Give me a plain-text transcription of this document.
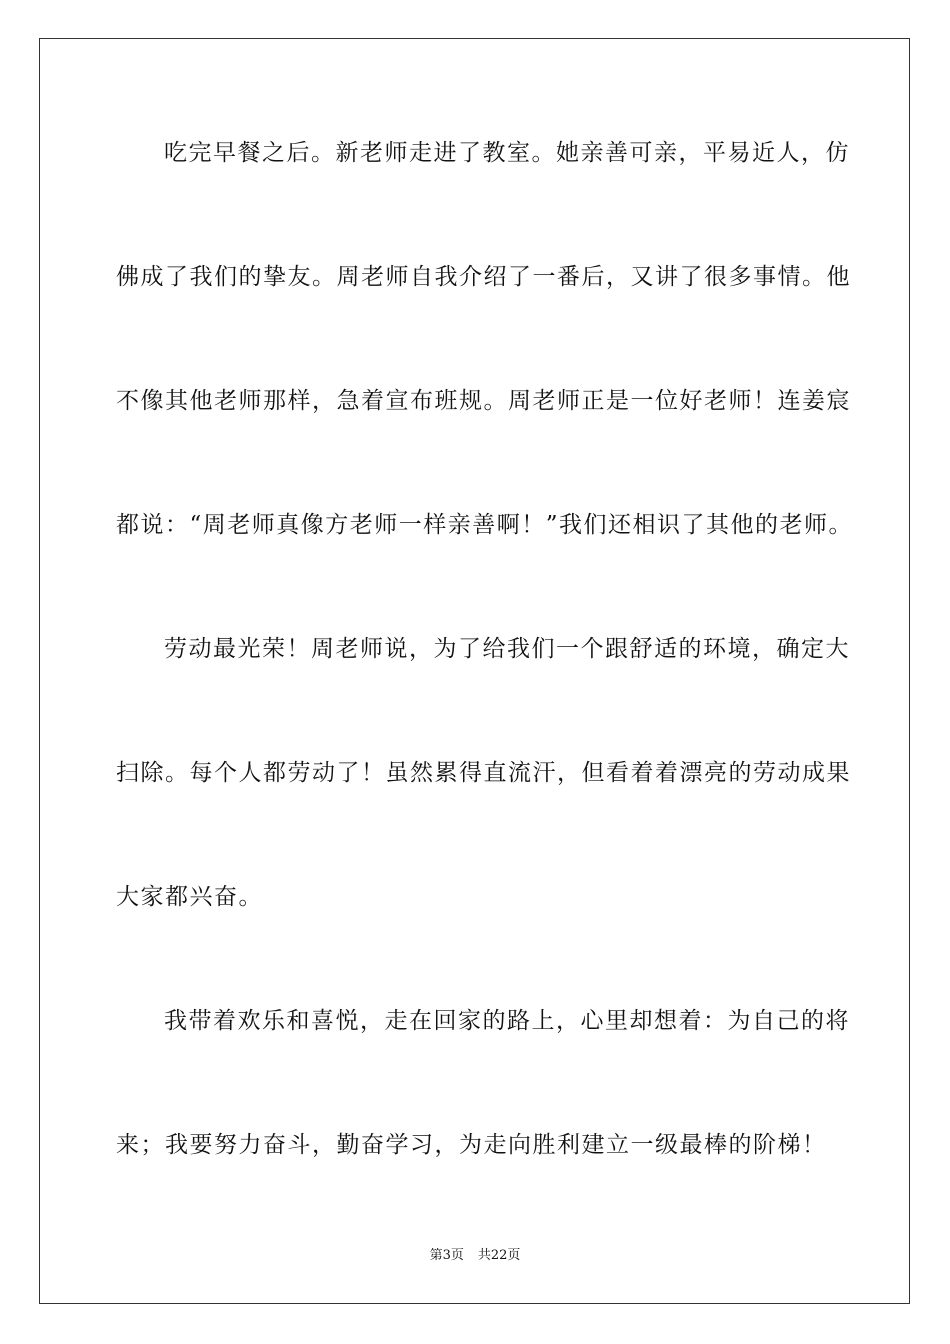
吃完早餐之后。新老师走进了教室。她亲善可亲，平易近人，仿
佛成了我们的挚友。周老师自我介绍了一番后，又讲了很多事情。他
不像其他老师那样，急着宣布班规。周老师正是一位好老师！连姜宸
都说：“周老师真像方老师一样亲善啊！”我们还相识了其他的老师。
劳动最光荣！周老师说，为了给我们一个跟舒适的环境，确定大
扫除。每个人都劳动了！虽然累得直流汗，但看着着漂亮的劳动成果
大家都兴奋。
我带着欢乐和喜悦，走在回家的路上，心里却想着：为自己的将
来；我要努力奋斗，勤奋学习，为走向胜利建立一级最棒的阶梯！
第3页 共22页
